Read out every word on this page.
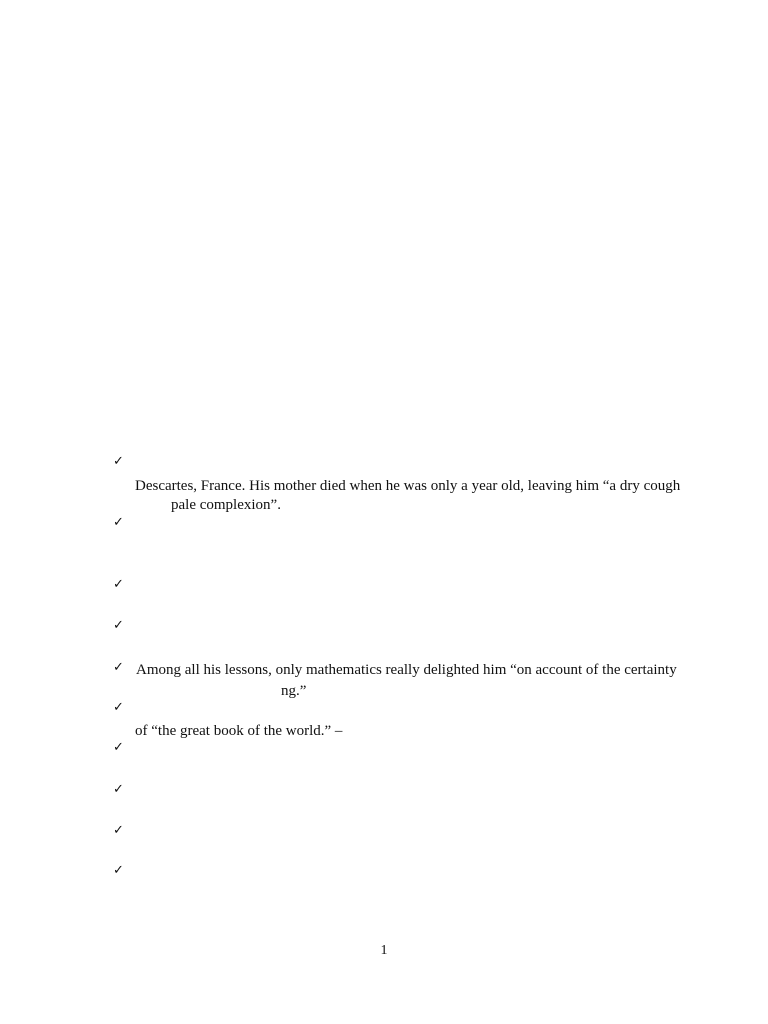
✓
Descartes, France. His mother died when he was only a year old, leaving him “a dry cough
pale complexion”.
✓
✓
✓
✓ Among all his lessons, only mathematics really delighted him “on account of the certainty
ng.”
✓
of “the great book of the world.” –
✓
✓
✓
✓
1
